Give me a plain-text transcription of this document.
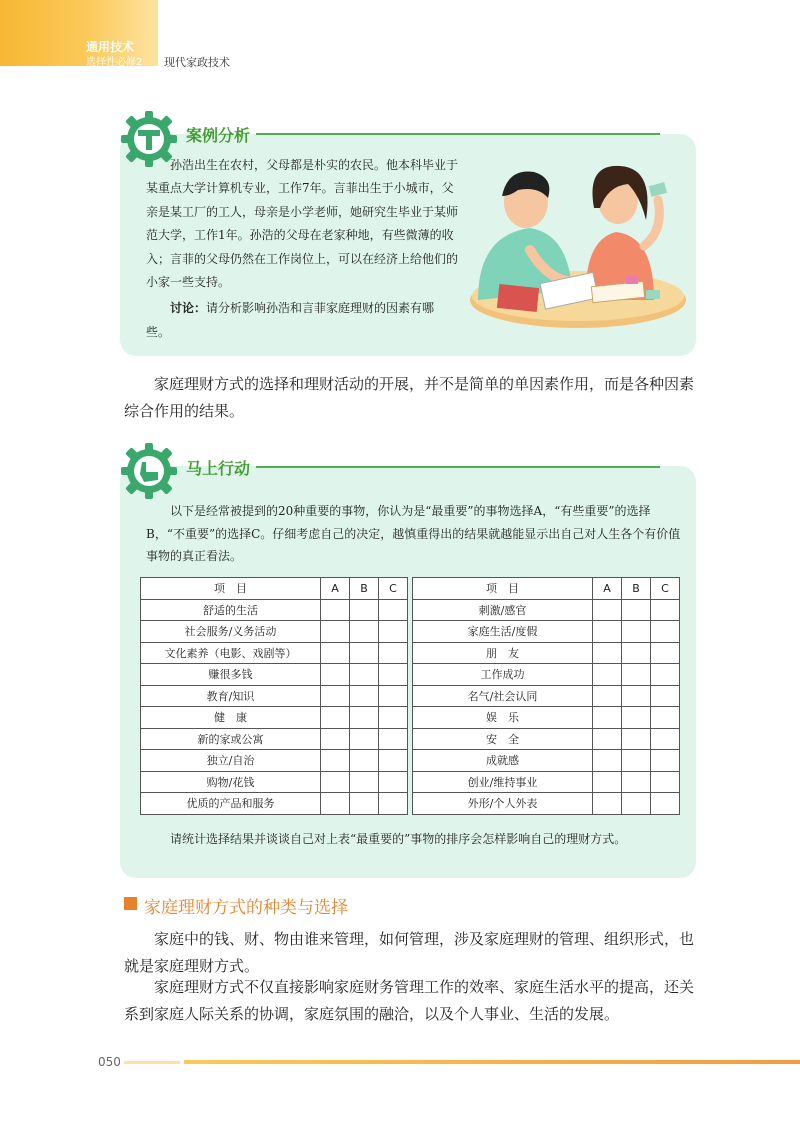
通用技术
选择性必修2 现代家政技术
案例分析

孙浩出生在农村，父母都是朴实的农民。他本科毕业于某重点大学计算机专业，工作7年。言菲出生于小城市，父亲是某工厂的工人，母亲是小学老师，她研究生毕业于某师范大学，工作1年。孙浩的父母在老家种地，有些微薄的收入；言菲的父母仍然在工作岗位上，可以在经济上给他们的小家一些支持。

讨论：请分析影响孙浩和言菲家庭理财的因素有哪些。

家庭理财方式的选择和理财活动的开展，并不是简单的单因素作用，而是各种因素综合作用的结果。

马上行动

以下是经常被提到的20种重要的事物，你认为是“最重要”的事物选择A，“有些重要”的选择B，“不重要”的选择C。仔细考虑自己的决定，越慎重得出的结果就越能显示出自己对人生各个有价值事物的真正看法。

项　目	A	B	C		项　目	A	B	C
舒适的生活					刺激/感官			
社会服务/义务活动					家庭生活/度假			
文化素养（电影、戏剧等）					朋　友			
赚很多钱					工作成功			
教育/知识					名气/社会认同			
健　康					娱　乐			
新的家或公寓					安　全			
独立/自治					成就感			
购物/花钱					创业/维持事业			
优质的产品和服务					外形/个人外表			
请统计选择结果并谈谈自己对上表“最重要的”事物的排序会怎样影响自己的理财方式。
家庭理财方式的种类与选择

家庭中的钱、财、物由谁来管理，如何管理，涉及家庭理财的管理、组织形式，也就是家庭理财方式。

家庭理财方式不仅直接影响家庭财务管理工作的效率、家庭生活水平的提高，还关系到家庭人际关系的协调，家庭氛围的融洽，以及个人事业、生活的发展。

050
